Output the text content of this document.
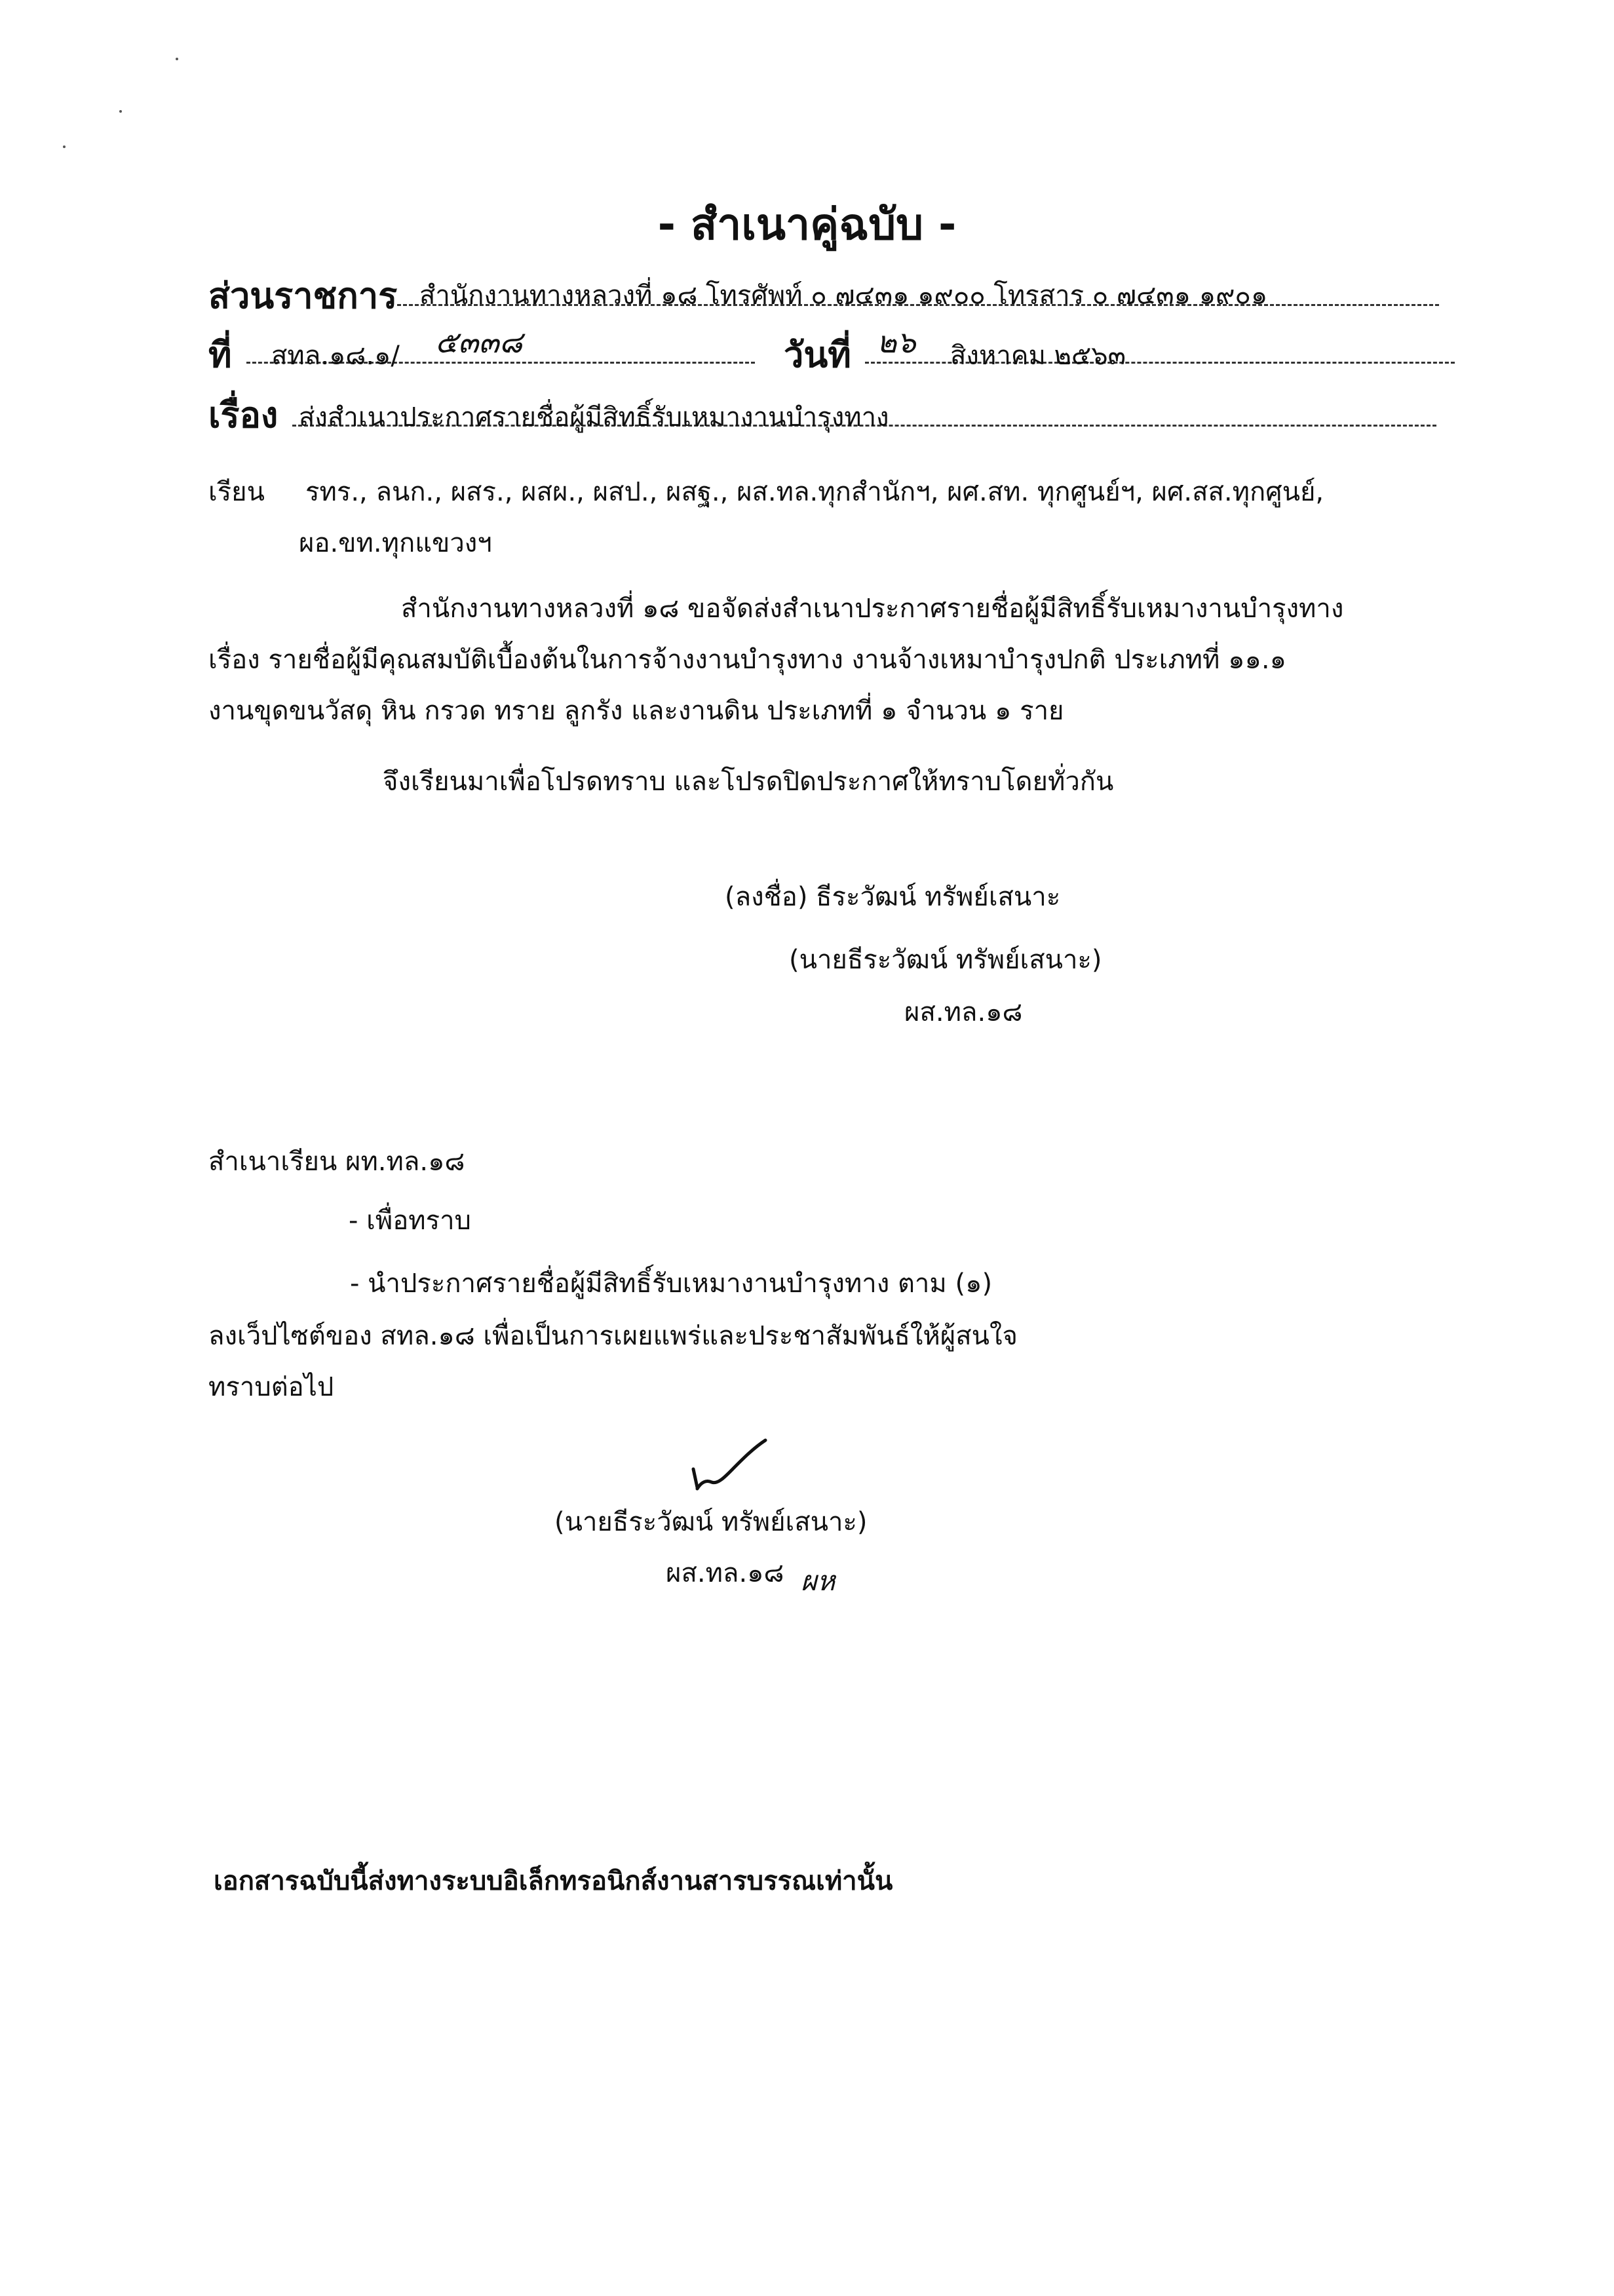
- สำเนาคู่ฉบับ -
ส่วนราชการ สำนักงานทางหลวงที่ ๑๘ โทรศัพท์ ๐ ๗๔๓๑ ๑๙๐๐ โทรสาร ๐ ๗๔๓๑ ๑๙๐๑
ที่ สทล.๑๘.๑/ ๕๓๓๘	วันที่ ๒๖ สิงหาคม ๒๕๖๓
เรื่อง ส่งสำเนาประกาศรายชื่อผู้มีสิทธิ์รับเหมางานบำรุงทาง
เรียน รทร., ลนก., ผสร., ผสผ., ผสป., ผสฐ., ผส.ทล.ทุกสำนักฯ, ผศ.สท. ทุกศูนย์ฯ, ผศ.สส.ทุกศูนย์,
ผอ.ขท.ทุกแขวงฯ
สำนักงานทางหลวงที่ ๑๘ ขอจัดส่งสำเนาประกาศรายชื่อผู้มีสิทธิ์รับเหมางานบำรุงทาง
เรื่อง รายชื่อผู้มีคุณสมบัติเบื้องต้นในการจ้างงานบำรุงทาง งานจ้างเหมาบำรุงปกติ ประเภทที่ ๑๑.๑
งานขุดขนวัสดุ หิน กรวด ทราย ลูกรัง และงานดิน ประเภทที่ ๑ จำนวน ๑ ราย
จึงเรียนมาเพื่อโปรดทราบ และโปรดปิดประกาศให้ทราบโดยทั่วกัน
(ลงชื่อ) ธีระวัฒน์ ทรัพย์เสนาะ
(นายธีระวัฒน์ ทรัพย์เสนาะ)
ผส.ทล.๑๘
สำเนาเรียน ผท.ทล.๑๘
- เพื่อทราบ
- นำประกาศรายชื่อผู้มีสิทธิ์รับเหมางานบำรุงทาง ตาม (๑)
ลงเว็ปไซต์ของ สทล.๑๘ เพื่อเป็นการเผยแพร่และประชาสัมพันธ์ให้ผู้สนใจ
ทราบต่อไป
(นายธีระวัฒน์ ทรัพย์เสนาะ)
ผส.ทล.๑๘ ผห
เอกสารฉบับนี้ส่งทางระบบอิเล็กทรอนิกส์งานสารบรรณเท่านั้น
